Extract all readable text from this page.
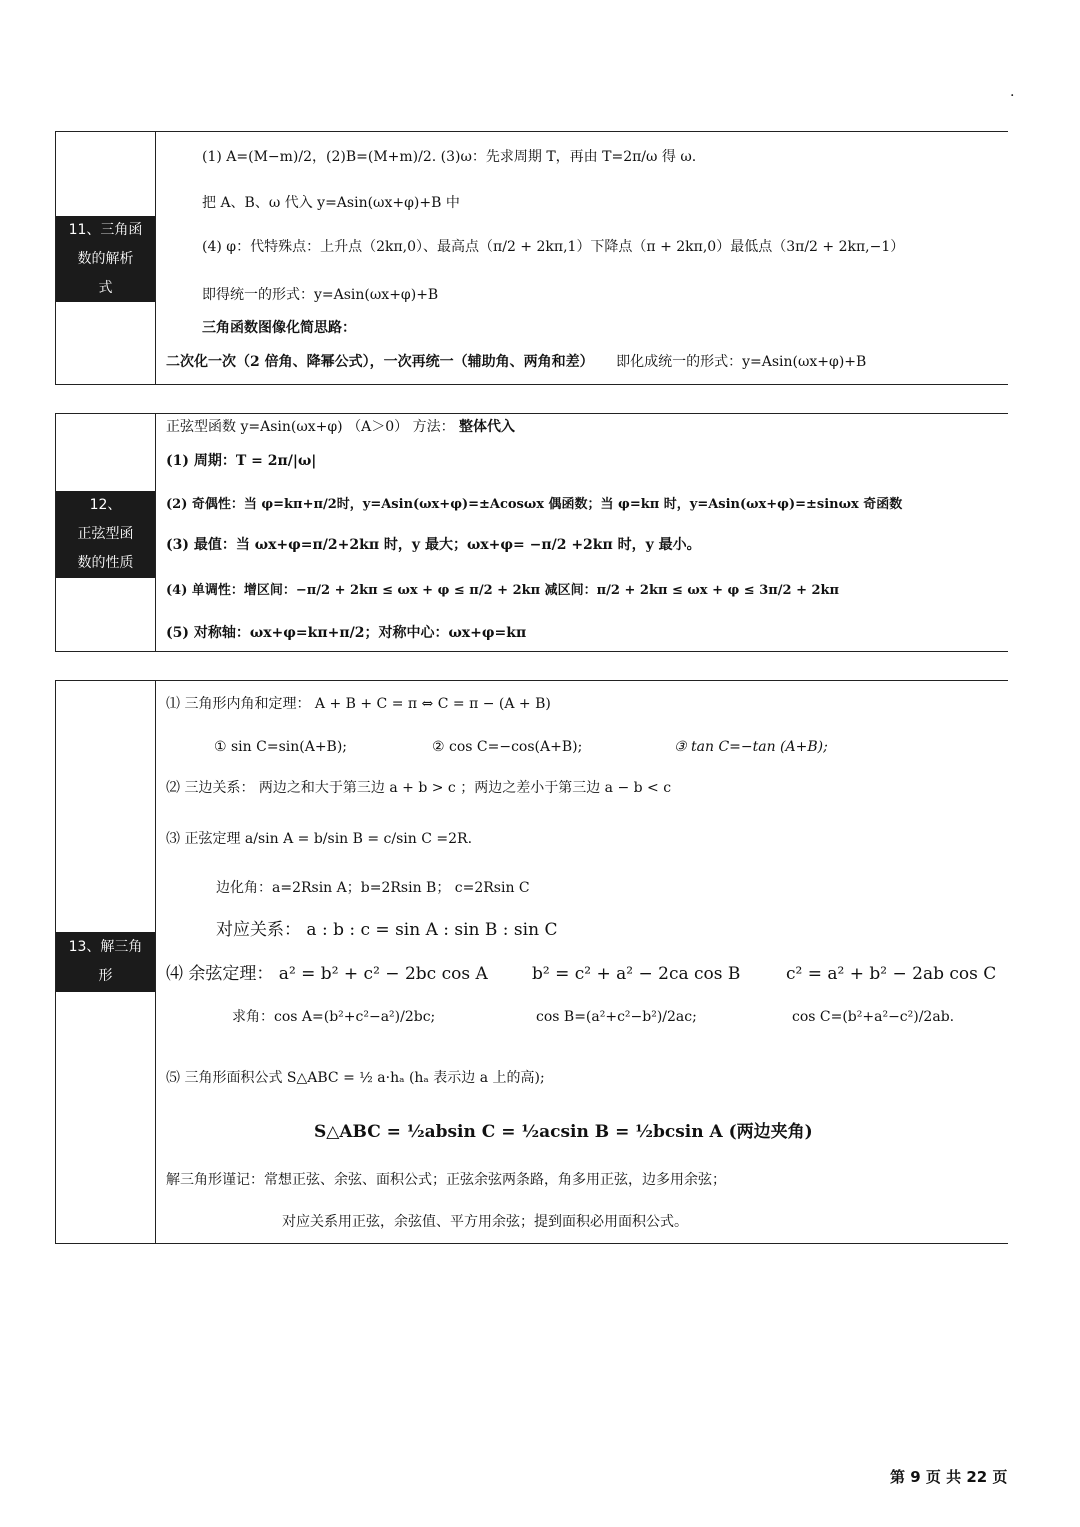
.
11、三角函
数的解析
式
(1) A=(M−m)/2，(2)B=(M+m)/2. (3)ω：先求周期 T，再由 T=2π/ω 得 ω.
把 A、B、ω 代入 y=Asin(ωx+φ)+B 中
(4) φ：代特殊点：上升点（2kπ,0）、最高点（π/2 + 2kπ,1）下降点（π + 2kπ,0）最低点（3π/2 + 2kπ,−1）
即得统一的形式：y=Asin(ωx+φ)+B
三角函数图像化简思路：
二次化一次（2 倍角、降幂公式），一次再统一（辅助角、两角和差） 即化成统一的形式：y=Asin(ωx+φ)+B
12、
正弦型函
数的性质
正弦型函数 y=Asin(ωx+φ) （A＞0） 方法： 整体代入
(1) 周期：T = 2π/|ω|
(2) 奇偶性：当 φ=kπ+π/2时，y=Asin(ωx+φ)=±Acosωx 偶函数；当 φ=kπ 时，y=Asin(ωx+φ)=±sinωx 奇函数
(3) 最值：当 ωx+φ=π/2+2kπ 时，y 最大；ωx+φ= −π/2 +2kπ 时，y 最小。
(4) 单调性：增区间：−π/2 + 2kπ ≤ ωx + φ ≤ π/2 + 2kπ 减区间：π/2 + 2kπ ≤ ωx + φ ≤ 3π/2 + 2kπ
(5) 对称轴：ωx+φ=kπ+π/2；对称中心：ωx+φ=kπ
13、解三角
形
⑴ 三角形内角和定理： A + B + C = π ⇔ C = π − (A + B)
① sin C=sin(A+B);	② cos C=−cos(A+B);	③ tan C=−tan (A+B);
⑵ 三边关系： 两边之和大于第三边 a + b > c ；两边之差小于第三边 a − b < c
⑶ 正弦定理 a/sin A = b/sin B = c/sin C =2R.
边化角：a=2Rsin A；b=2Rsin B； c=2Rsin C
对应关系： a : b : c = sin A : sin B : sin C
⑷ 余弦定理： a² = b² + c² − 2bc cos A	b² = c² + a² − 2ca cos B	c² = a² + b² − 2ab cos C
求角：cos A=(b²+c²−a²)/2bc;	cos B=(a²+c²−b²)/2ac;	cos C=(b²+a²−c²)/2ab.
⑸ 三角形面积公式 S△ABC = ½ a·hₐ (hₐ 表示边 a 上的高);
S△ABC = ½absin C = ½acsin B = ½bcsin A (两边夹角)
解三角形谨记：常想正弦、余弦、面积公式；正弦余弦两条路，角多用正弦，边多用余弦；
对应关系用正弦，余弦值、平方用余弦；提到面积必用面积公式。
第 9 页 共 22 页
